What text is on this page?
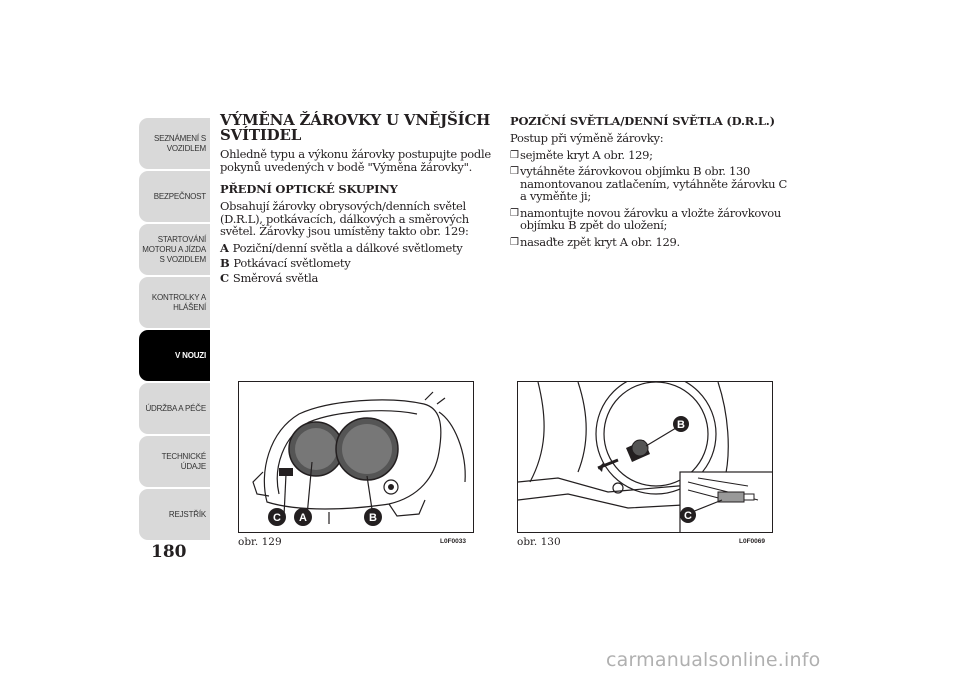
SEZNÁMENÍ S
VOZIDLEM
BEZPEČNOST
STARTOVÁNÍ
MOTORU A JÍZDA
S VOZIDLEM
KONTROLKY A
HLÁŠENÍ
V NOUZI
ÚDRŽBA A PÉČE
TECHNICKÉ
ÚDAJE
REJSTŘÍK
180
VÝMĚNA ŽÁROVKY U VNĚJŠÍCH SVÍTIDEL

Ohledně typu a výkonu žárovky postupujte podle pokynů uvedených v bodě "Výměna žárovky".

PŘEDNÍ OPTICKÉ SKUPINY

Obsahují žárovky obrysových/denních světel (D.R.L), potkávacích, dálkových a směrových světel. Žárovky jsou umístěny takto obr. 129:

A Poziční/denní světla a dálkové světlomety
B Potkávací světlomety
C Směrová světla
POZIČNÍ SVĚTLA/DENNÍ SVĚTLA (D.R.L.)

Postup při výměně žárovky:

❒ sejměte kryt A obr. 129;
❒ vytáhněte žárovkovou objímku B obr. 130 namontovanou zatlačením, vytáhněte žárovku C a vyměňte ji;
❒ namontujte novou žárovku a vložte žárovkovou objímku B zpět do uložení;
❒ nasaďte zpět kryt A obr. 129.
C A	B
obr. 129	L0F0033
B
C
obr. 130	L0F0069
carmanualsonline.info
